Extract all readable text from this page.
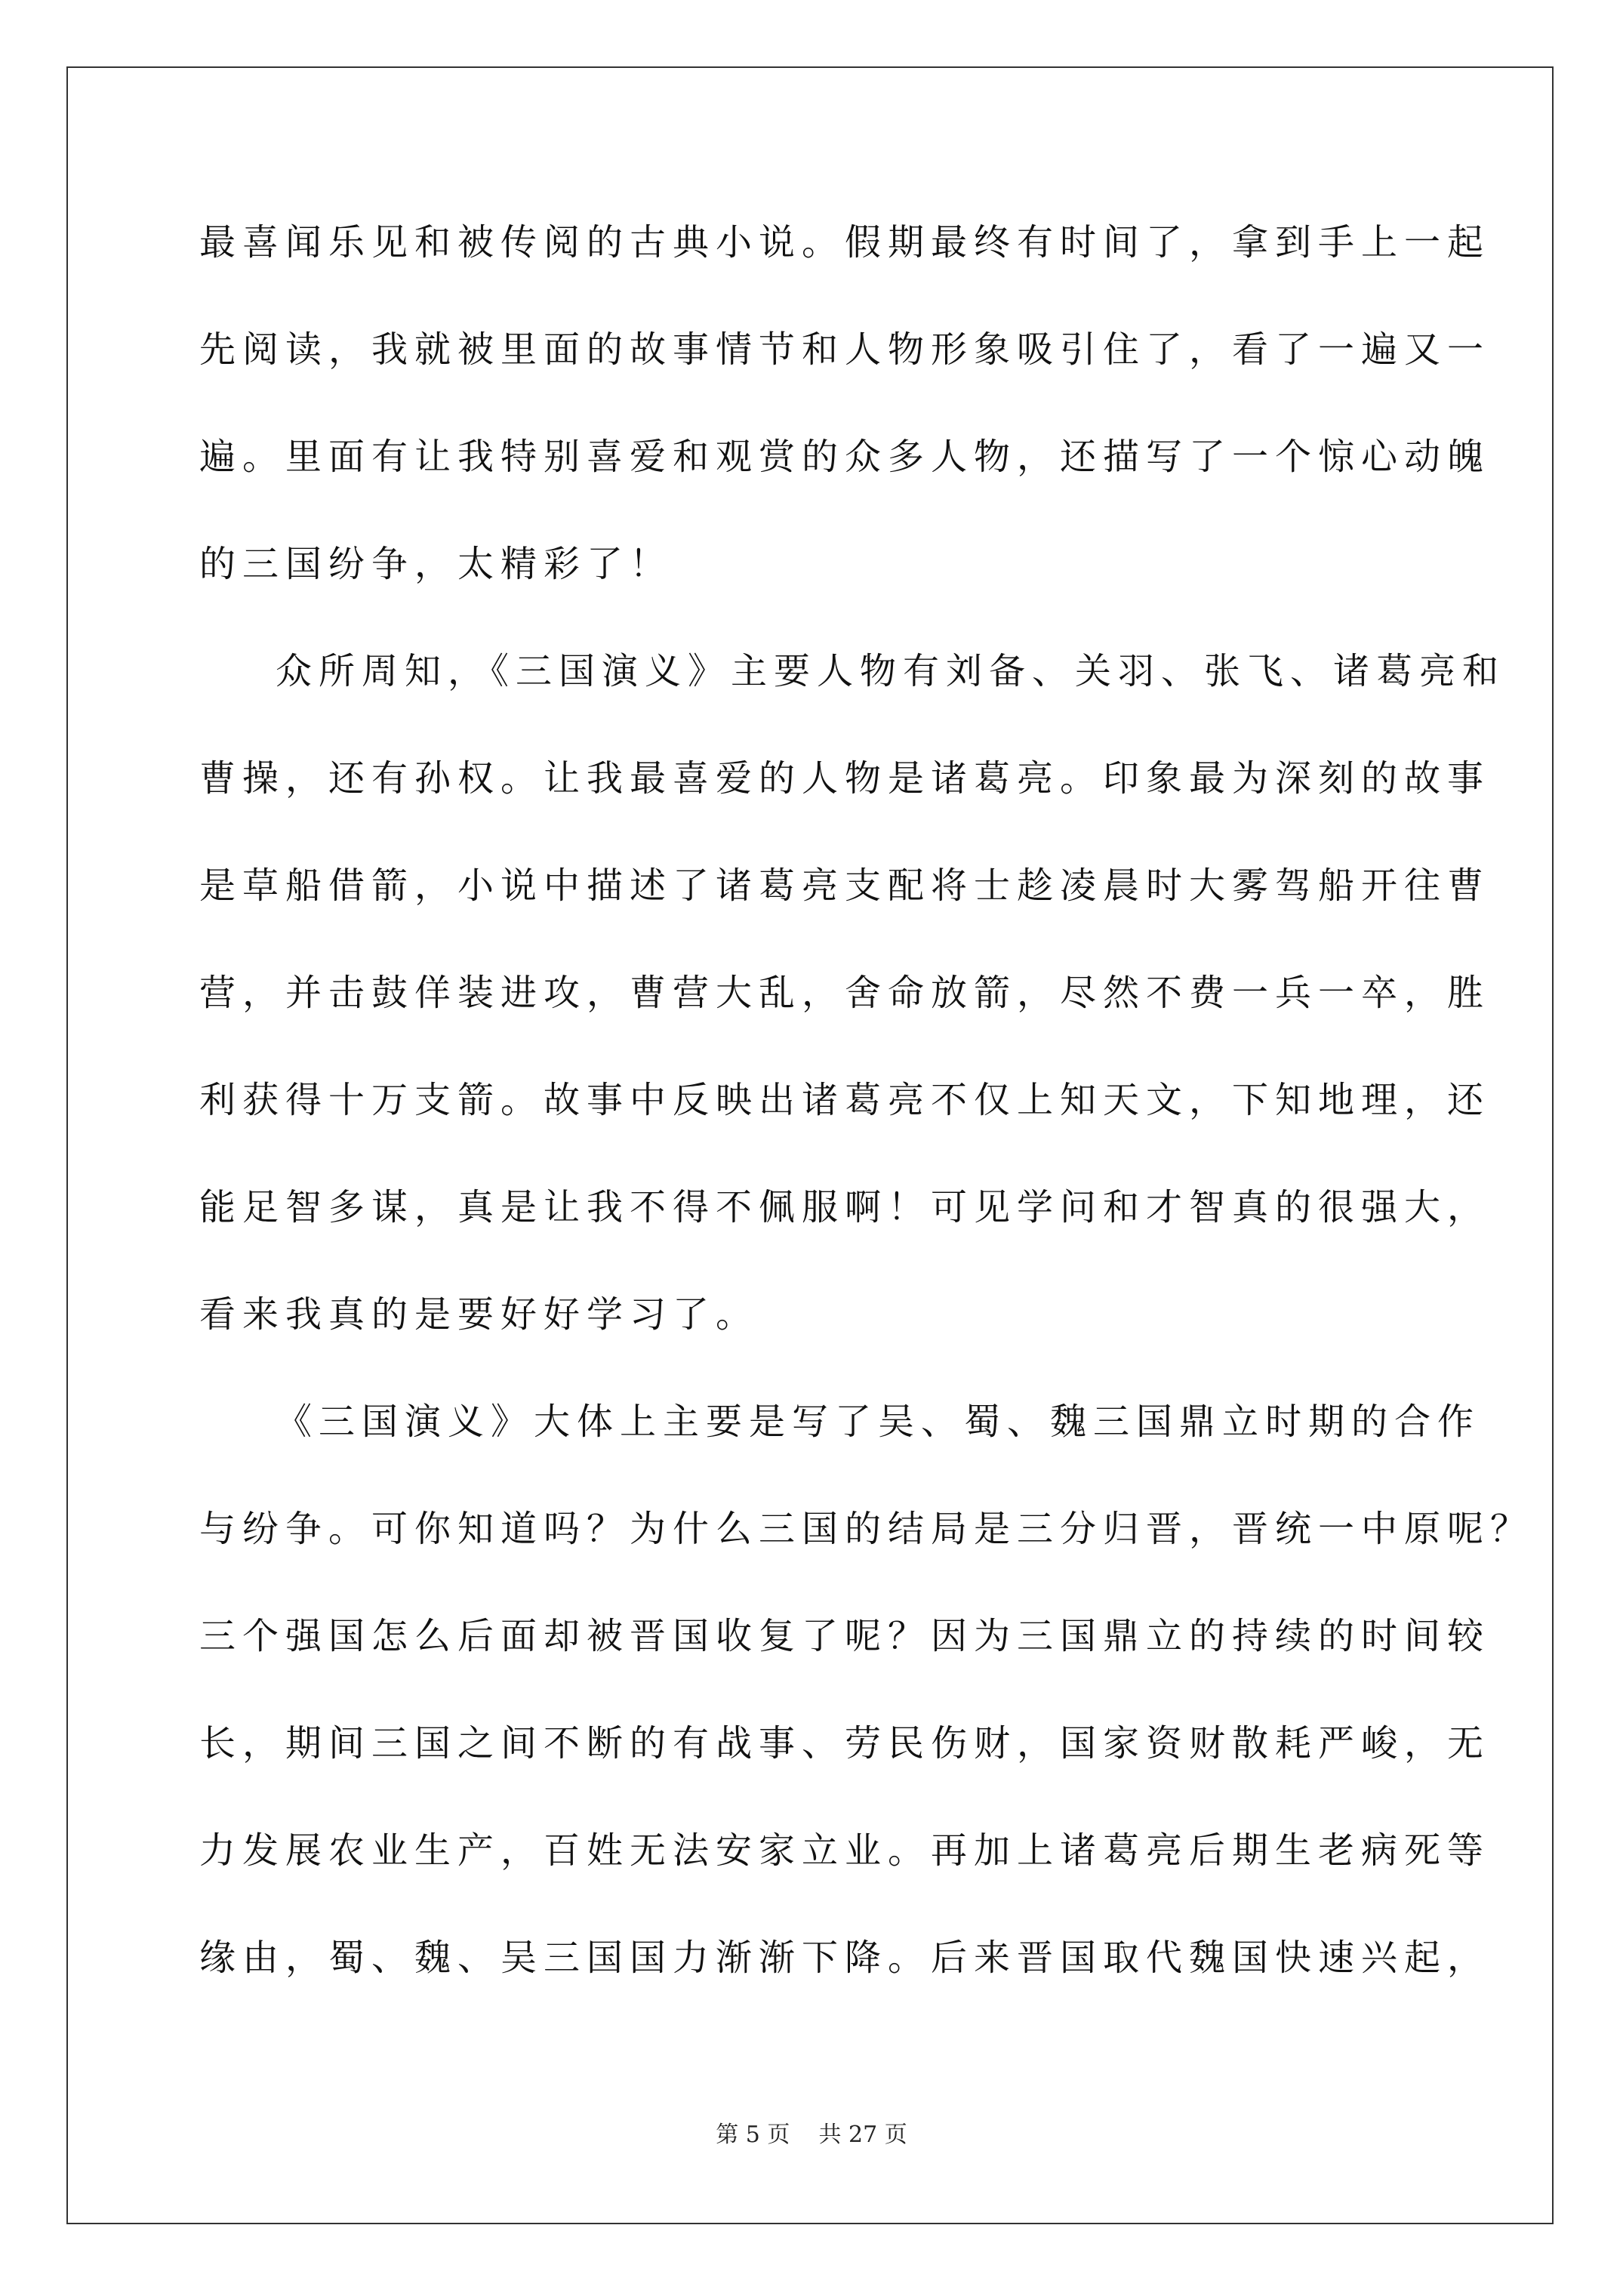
最喜闻乐见和被传阅的古典小说。假期最终有时间了，拿到手上一起
先阅读，我就被里面的故事情节和人物形象吸引住了，看了一遍又一
遍。里面有让我特别喜爱和观赏的众多人物，还描写了一个惊心动魄
的三国纷争，太精彩了！
众所周知，《三国演义》主要人物有刘备、关羽、张飞、诸葛亮和
曹操，还有孙权。让我最喜爱的人物是诸葛亮。印象最为深刻的故事
是草船借箭，小说中描述了诸葛亮支配将士趁凌晨时大雾驾船开往曹
营，并击鼓佯装进攻，曹营大乱，舍命放箭，尽然不费一兵一卒，胜
利获得十万支箭。故事中反映出诸葛亮不仅上知天文，下知地理，还
能足智多谋，真是让我不得不佩服啊！可见学问和才智真的很强大，
看来我真的是要好好学习了。
《三国演义》大体上主要是写了吴、蜀、魏三国鼎立时期的合作
与纷争。可你知道吗？为什么三国的结局是三分归晋，晋统一中原呢？
三个强国怎么后面却被晋国收复了呢？因为三国鼎立的持续的时间较
长，期间三国之间不断的有战事、劳民伤财，国家资财散耗严峻，无
力发展农业生产，百姓无法安家立业。再加上诸葛亮后期生老病死等
缘由，蜀、魏、吴三国国力渐渐下降。后来晋国取代魏国快速兴起，
第 5 页    共 27 页
